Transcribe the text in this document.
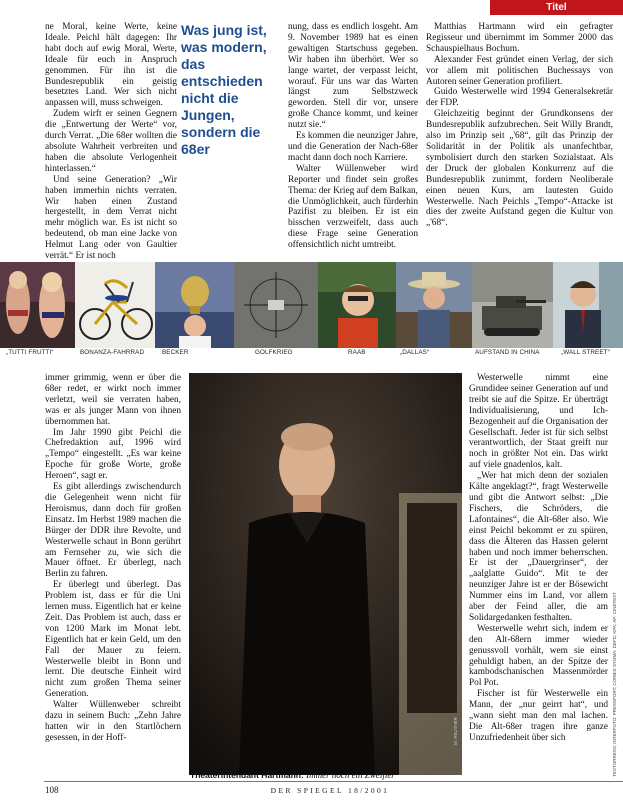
Titel

ne Moral, keine Werte, keine Ideale. Peichl hält dagegen: Ihr habt doch auf ewig Moral, Werte, Ideale für euch in Anspruch genommen. Für ihn ist die Bundesrepublik ein geistig besetztes Land. Wer sich nicht anpassen will, muss schweigen.

Zudem wirft er seinen Gegnern die „Entwertung der Werte“ vor, durch Verrat. „Die 68er wollten die absolute Wahrheit verbreiten und haben die absolute Verlogenheit hinterlassen.“

Und seine Generation? „Wir haben immerhin nichts verraten. Wir haben einen Zustand hergestellt, in dem Verrat nicht mehr möglich war. Es ist nicht so bedeutend, ob man eine Jacke von Helmut Lang oder von Gaultier verrät.“ Er ist noch

Was jung ist, was modern, das entschieden nicht die Jungen, sondern die 68er

nung, dass es endlich losgeht. Am 9. November 1989 hat es einen gewaltigen Startschuss gegeben. Wir haben ihn überhört. Wer so lange wartet, der verpasst leicht, worauf. Für uns war das Warten längst zum Selbstzweck geworden. Stell dir vor, unsere große Chance kommt, und keiner nutzt sie.“

Es kommen die neunziger Jahre, und die Generation der Nach-68er macht dann doch noch Karriere.

Walter Wüllenweber wird Reporter und findet sein großes Thema: der Krieg auf dem Balkan, die Unmöglichkeit, auch fürderhin Pazifist zu bleiben. Er ist ein bisschen verzweifelt, dass auch diese Frage seine Generation offensichtlich nicht umtreibt.

Matthias Hartmann wird ein gefragter Regisseur und übernimmt im Sommer 2000 das Schauspielhaus Bochum.

Alexander Fest gründet einen Verlag, der sich vor allem mit politischen Buchessays von Autoren seiner Generation profiliert.

Guido Westerwelle wird 1994 Generalsekretär der FDP.

Gleichzeitig beginnt der Grundkonsens der Bundesrepublik aufzubrechen. Seit Willy Brandt, also im Prinzip seit „'68“, gilt das Prinzip der Solidarität in der Politik als unanfechtbar, symbolisiert durch den starken Sozialstaat. Als der Druck der globalen Konkurrenz auf die Bundesrepublik zunimmt, fordern Neoliberale einen neuen Kurs, am lautesten Guido Westerwelle. Nach Peichls „Tempo“-Attacke ist dies der zweite Aufstand gegen die Kultur von „'68“.

„TUTTI FRUTTI“	BONANZA-FAHRRAD	BECKER	GOLFKRIEG	RAAB	„DALLAS“	AUFSTAND IN CHINA	„WALL STREET“

immer grimmig, wenn er über die 68er redet, er wirkt noch immer verletzt, weil sie verraten haben, was er als junger Mann von ihnen übernommen hat.

Im Jahr 1990 gibt Peichl die Chefredaktion auf, 1996 wird „Tempo“ eingestellt. „Es war keine Epoche für große Worte, große Heroen“, sagt er.

Es gibt allerdings zwischendurch die Gelegenheit wenn nicht für Heroismus, dann doch für großen Einsatz. Im Herbst 1989 machen die Bürger der DDR ihre Revolte, und Westerwelle schaut in Bonn gerührt am Fernseher zu, wie sich die Mauer öffnet. Er überlegt, nach Berlin zu fahren.

Er überlegt und überlegt. Das Problem ist, dass er für die Uni lernen muss. Eigentlich hat er keine Zeit. Das Problem ist auch, dass er von 1200 Mark im Monat lebt. Eigentlich hat er kein Geld, um den Fall der Mauer zu feiern. Westerwelle bleibt in Bonn und lernt. Die deutsche Einheit wird nicht zum großen Thema seiner Generation.

Walter Wüllenweber schreibt dazu in seinem Buch: „Zehn Jahre hatten wir in den Startlöchern gesessen, in der Hoff-	M. REUTHER
Theaterintendant Hartmann: Immer noch ein Zweifler

Westerwelle nimmt eine Grundidee seiner Generation auf und treibt sie auf die Spitze. Er überträgt Individualisierung, und Ich-Bezogenheit auf die Organisation der Gesellschaft. Jeder ist für sich selbst verantwortlich, der Staat greift nur noch in größter Not ein. Das wirkt auf viele gnadenlos, kalt.

„Wer hat mich denn der sozialen Kälte angeklagt?“, fragt Westerwelle und gibt die Antwort selbst: „Die Fischers, die Schröders, die Lafontaines“, die Alt-68er also. Wie einst Peichl bekommt er zu spüren, dass die Älteren das Hassen gelernt haben und noch immer beherrschen. Er ist der „Dauergrinser“, der „aalglatte Guido“. Mit te der neunziger Jahre ist er der Bösewicht Nummer eins im Land, vor allem aber der Feind aller, die am Solidargedanken festhalten.

Westerwelle wehrt sich, indem er den Alt-68ern immer wieder genussvoll vorhält, wem sie einst gehuldigt haben, an der Spitze der kambodschanischen Massenmörder Pol Pot.

Fischer ist für Westerwelle ein Mann, der „nur geirrt hat“, und „wann sieht man den mal lachen. Die Alt-68er tragen ihre ganze Unzufriedenheit über sich	TEXTORRESS; INTERFOTO; PRESSPORT; CORBIS SYGMA; DEFD; KPA; AP; CINETEXT
108	DER SPIEGEL 18/2001
